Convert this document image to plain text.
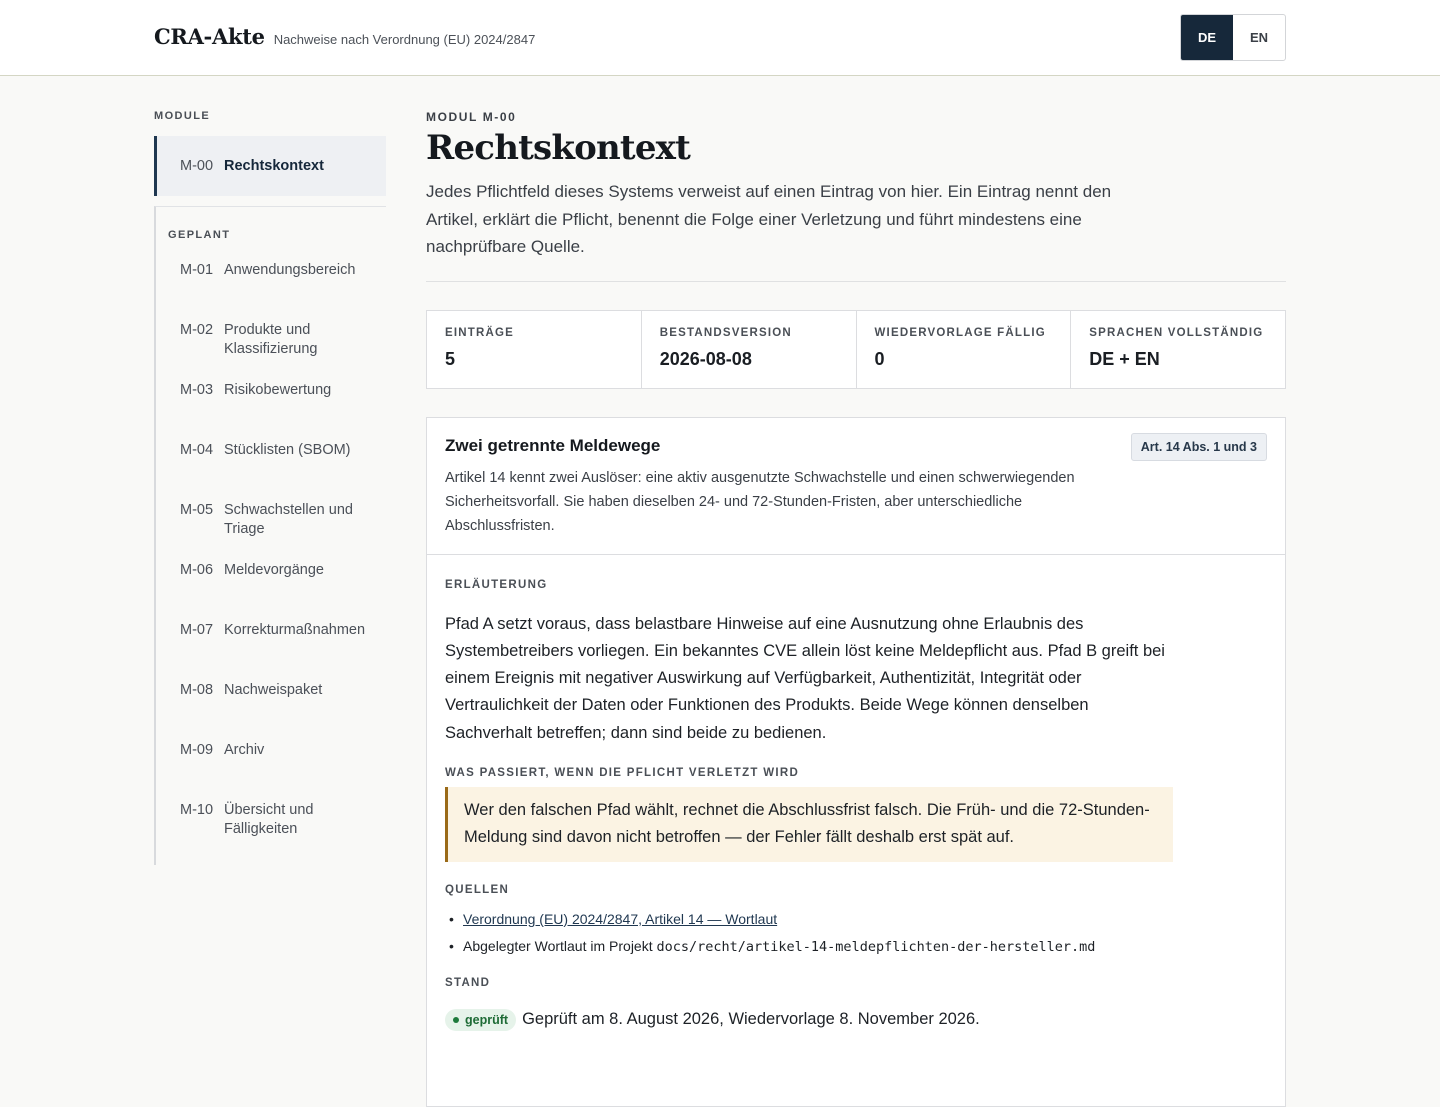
CRA-Akte Nachweise nach Verordnung (EU) 2024/2847	DE	EN
MODULE
M-00 Rechtskontext
GEPLANT
M-01 Anwendungsbereich
M-02 Produkte und Klassifizierung
M-03 Risikobewertung
M-04 Stücklisten (SBOM)
M-05 Schwachstellen und Triage
M-06 Meldevorgänge
M-07 Korrekturmaßnahmen
M-08 Nachweispaket
M-09 Archiv
M-10 Übersicht und Fälligkeiten
MODUL M-00
Rechtskontext

Jedes Pflichtfeld dieses Systems verweist auf einen Eintrag von hier. Ein Eintrag nennt den Artikel, erklärt die Pflicht, benennt die Folge einer Verletzung und führt mindestens eine nachprüfbare Quelle.

EINTRÄGE
5
BESTANDSVERSION
2026-08-08
WIEDERVORLAGE FÄLLIG
0
SPRACHEN VOLLSTÄNDIG
DE + EN
Zwei getrennte Meldewege	Art. 14 Abs. 1 und 3

Artikel 14 kennt zwei Auslöser: eine aktiv ausgenutzte Schwachstelle und einen schwerwiegenden Sicherheitsvorfall. Sie haben dieselben 24- und 72-Stunden-Fristen, aber unterschiedliche Abschlussfristen.

ERLÄUTERUNG

Pfad A setzt voraus, dass belastbare Hinweise auf eine Ausnutzung ohne Erlaubnis des Systembetreibers vorliegen. Ein bekanntes CVE allein löst keine Meldepflicht aus. Pfad B greift bei einem Ereignis mit negativer Auswirkung auf Verfügbarkeit, Authentizität, Integrität oder Vertraulichkeit der Daten oder Funktionen des Produkts. Beide Wege können denselben Sachverhalt betreffen; dann sind beide zu bedienen.

WAS PASSIERT, WENN DIE PFLICHT VERLETZT WIRD
Wer den falschen Pfad wählt, rechnet die Abschlussfrist falsch. Die Früh- und die 72-Stunden-Meldung sind davon nicht betroffen — der Fehler fällt deshalb erst spät auf.
QUELLEN
• Verordnung (EU) 2024/2847, Artikel 14 — Wortlaut
• Abgelegter Wortlaut im Projekt docs/recht/artikel-14-meldepflichten-der-hersteller.md
STAND
geprüft Geprüft am 8. August 2026, Wiedervorlage 8. November 2026.
